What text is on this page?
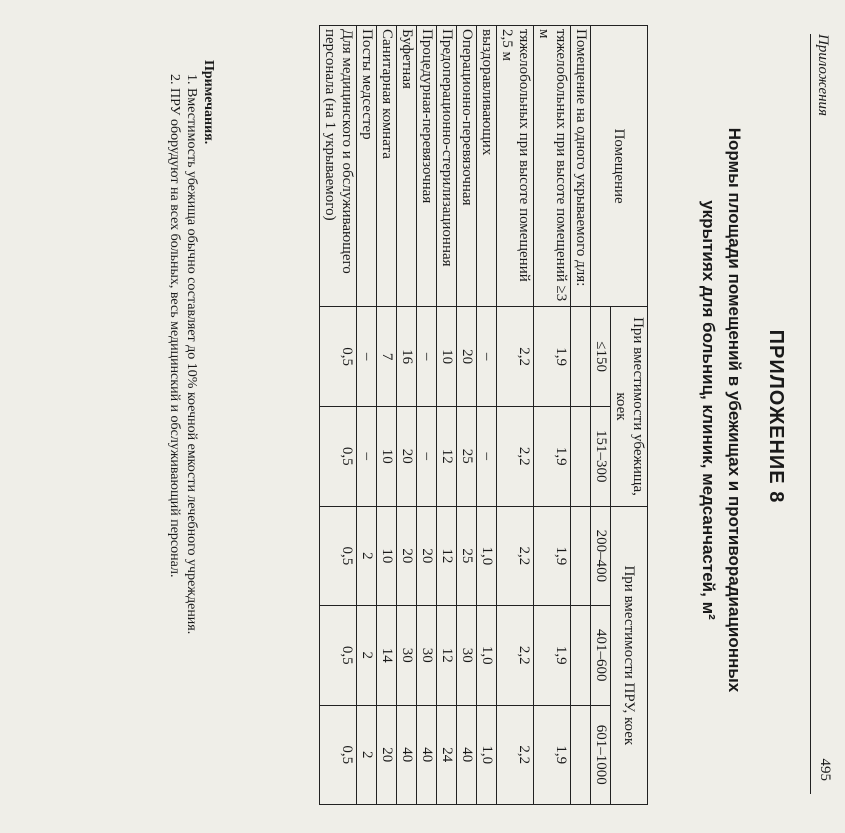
Приложения
495
ПРИЛОЖЕНИЕ 8
Нормы площади помещений в убежищах и противорадиационных укрытиях для больниц, клиник, медсанчастей, м²
Помещение	При вместимости убежища, коек		При вместимости ПРУ, коек		
	≤150	151–300	200–400	401–600	601–1000
Помещение на одного укрываемого для:					
тяжелобольных при высоте помещений ≥3 м	1,9	1,9	1,9	1,9	1,9
тяжелобольных при высоте помещений 2,5 м	2,2	2,2	2,2	2,2	2,2
выздоравливающих	–	–	1,0	1,0	1,0
Операционно-перевязочная	20	25	25	30	40
Предоперационно-стерилизационная	10	12	12	12	24
Процедурная-перевязочная	–	–	20	30	40
Буфетная	16	20	20	30	40
Санитарная комната	7	10	10	14	20
Посты медсестер	–	–	2	2	2
Для медицинского и обслуживающего персонала (на 1 укрываемого)	0,5	0,5	0,5	0,5	0,5
Примечания.
1. Вместимость убежища обычно составляет до 10% коечной емкости лечебного учреждения.
2. ПРУ оборудуют на всех больных, весь медицинский и обслуживающий персонал.
